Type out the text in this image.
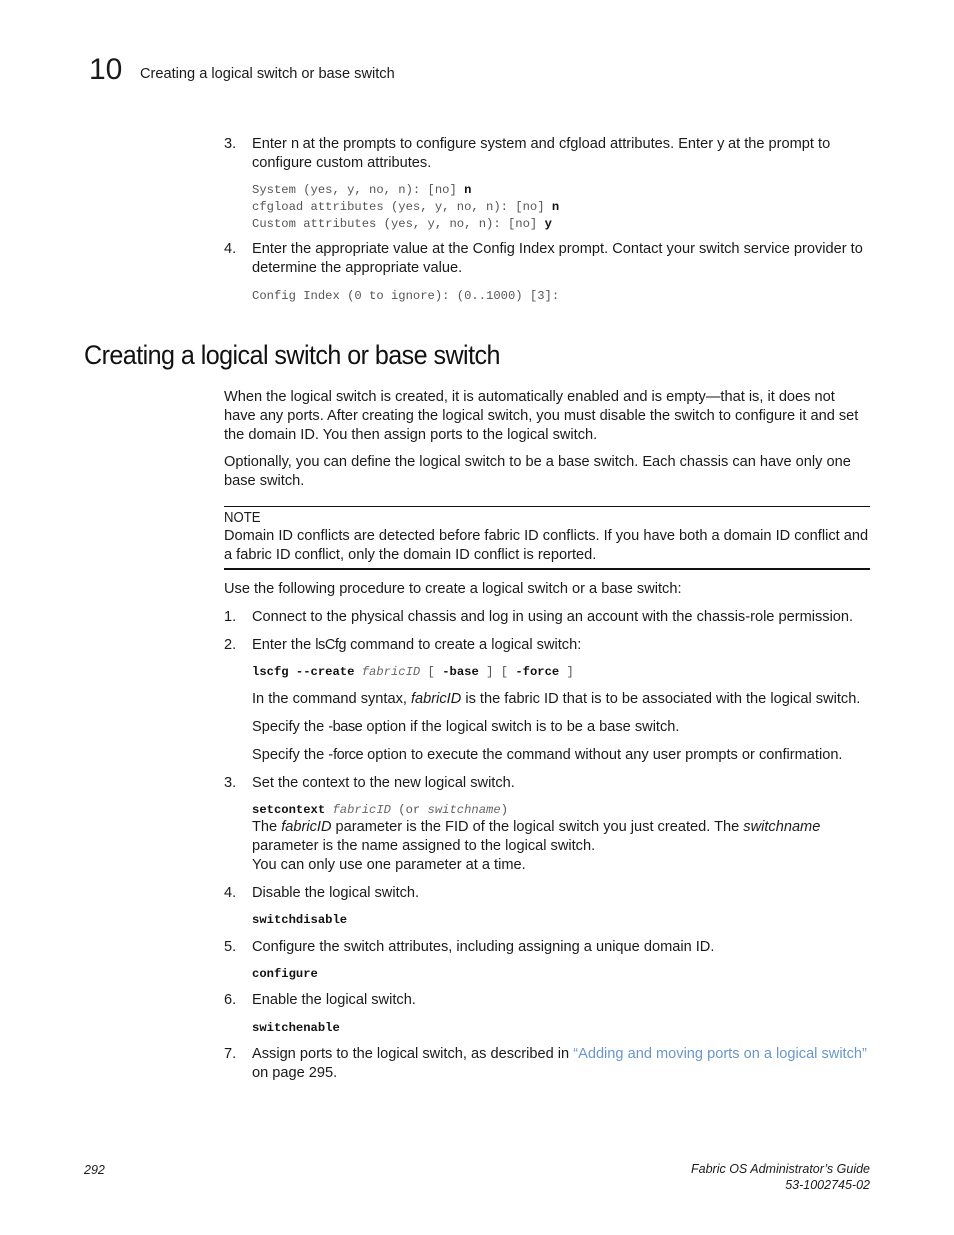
10 Creating a logical switch or base switch
3. Enter n at the prompts to configure system and cfgload attributes. Enter y at the prompt to configure custom attributes.
System (yes, y, no, n): [no] n
cfgload attributes (yes, y, no, n): [no] n
Custom attributes (yes, y, no, n): [no] y
4. Enter the appropriate value at the Config Index prompt. Contact your switch service provider to determine the appropriate value.
Config Index (0 to ignore): (0..1000) [3]:
Creating a logical switch or base switch
When the logical switch is created, it is automatically enabled and is empty—that is, it does not have any ports. After creating the logical switch, you must disable the switch to configure it and set the domain ID. You then assign ports to the logical switch.
Optionally, you can define the logical switch to be a base switch. Each chassis can have only one base switch.
NOTE
Domain ID conflicts are detected before fabric ID conflicts. If you have both a domain ID conflict and a fabric ID conflict, only the domain ID conflict is reported.
Use the following procedure to create a logical switch or a base switch:
1. Connect to the physical chassis and log in using an account with the chassis-role permission.
2. Enter the lsCfg command to create a logical switch:
lscfg --create fabricID [ -base ] [ -force ]
In the command syntax, fabricID is the fabric ID that is to be associated with the logical switch.
Specify the -base option if the logical switch is to be a base switch.
Specify the -force option to execute the command without any user prompts or confirmation.
3. Set the context to the new logical switch.
setcontext fabricID (or switchname)
The fabricID parameter is the FID of the logical switch you just created. The switchname parameter is the name assigned to the logical switch.
You can only use one parameter at a time.
4. Disable the logical switch.
switchdisable
5. Configure the switch attributes, including assigning a unique domain ID.
configure
6. Enable the logical switch.
switchenable
7. Assign ports to the logical switch, as described in “Adding and moving ports on a logical switch” on page 295.
292	Fabric OS Administrator’s Guide
53-1002745-02
